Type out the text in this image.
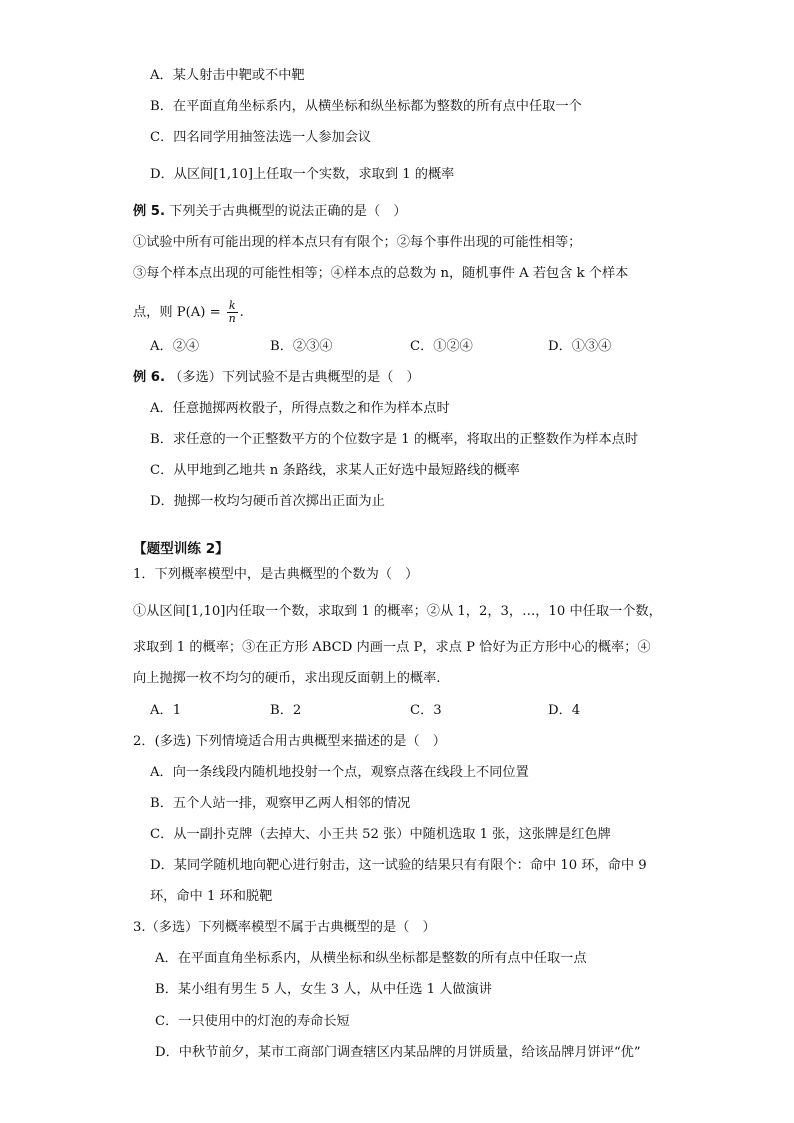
A．某人射击中靶或不中靶
B．在平面直角坐标系内，从横坐标和纵坐标都为整数的所有点中任取一个
C．四名同学用抽签法选一人参加会议
D．从区间[1,10]上任取一个实数，求取到 1 的概率
例 5. 下列关于古典概型的说法正确的是（　）
①试验中所有可能出现的样本点只有有限个；②每个事件出现的可能性相等；
③每个样本点出现的可能性相等；④样本点的总数为 n，随机事件 A 若包含 k 个样本
点，则 $P(A) = \frac{k}{n}$ .
A．②④	B．②③④	C．①②④	D．①③④
例 6. （多选）下列试验不是古典概型的是（　）
A．任意抛掷两枚骰子，所得点数之和作为样本点时
B．求任意的一个正整数平方的个位数字是 1 的概率，将取出的正整数作为样本点时
C．从甲地到乙地共 n 条路线，求某人正好选中最短路线的概率
D．抛掷一枚均匀硬币首次掷出正面为止
【题型训练 2】
1．下列概率模型中，是古典概型的个数为（　）
①从区间[1,10]内任取一个数，求取到 1 的概率；②从 1，2，3，…，10 中任取一个数，
求取到 1 的概率；③在正方形 ABCD 内画一点 P，求点 P 恰好为正方形中心的概率；④
向上抛掷一枚不均匀的硬币，求出现反面朝上的概率.
A．1	B．2	C．3	D．4
2．(多选) 下列情境适合用古典概型来描述的是（　）
A．向一条线段内随机地投射一个点，观察点落在线段上不同位置
B．五个人站一排，观察甲乙两人相邻的情况
C．从一副扑克牌（去掉大、小王共 52 张）中随机选取 1 张，这张牌是红色牌
D．某同学随机地向靶心进行射击，这一试验的结果只有有限个：命中 10 环，命中 9
环，命中 1 环和脱靶
3.（多选）下列概率模型不属于古典概型的是（　）
A．在平面直角坐标系内，从横坐标和纵坐标都是整数的所有点中任取一点
B．某小组有男生 5 人，女生 3 人，从中任选 1 人做演讲
C．一只使用中的灯泡的寿命长短
D．中秋节前夕，某市工商部门调查辖区内某品牌的月饼质量，给该品牌月饼评“优”
